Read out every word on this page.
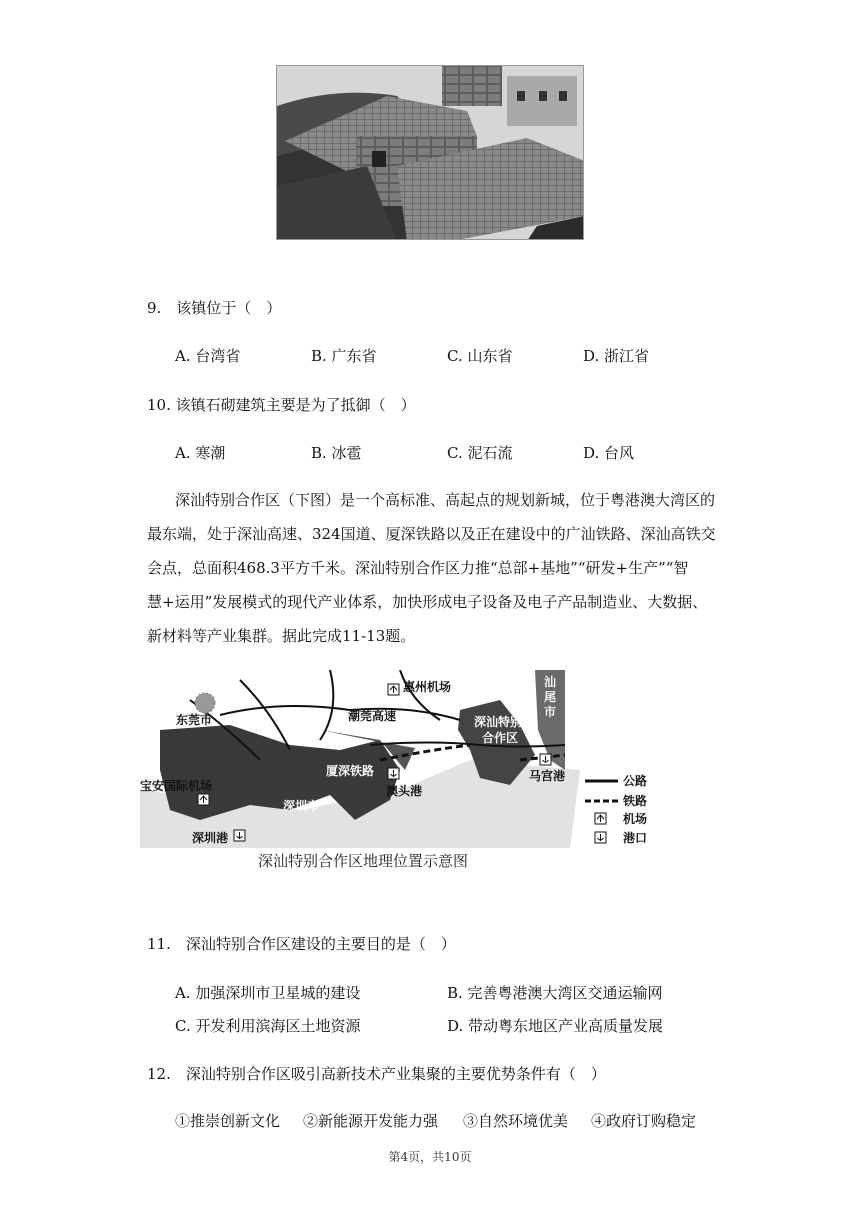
9.　该镇位于（　）
A. 台湾省	B. 广东省	C. 山东省	D. 浙江省
10. 该镇石砌建筑主要是为了抵御（　）
A. 寒潮	B. 冰雹	C. 泥石流	D. 台风
深汕特别合作区（下图）是一个高标准、高起点的规划新城，位于粤港澳大湾区的
最东端，处于深汕高速、324国道、厦深铁路以及正在建设中的广汕铁路、深汕高铁交
会点，总面积468.3平方千米。深汕特别合作区力推“总部+基地”“研发+生产”“智
慧+运用”发展模式的现代产业体系，加快形成电子设备及电子产品制造业、大数据、
新材料等产业集群。据此完成11-13题。
惠州机场
东莞市	潮莞高速	深汕特别
合作区
厦深铁路	马宫港
宝安国际机场	澳头港
深圳市
深圳港
汕 尾 市
公路
铁路
机场
港口
深汕特别合作区地理位置示意图
11.　深汕特别合作区建设的主要目的是（　）
A. 加强深圳市卫星城的建设	B. 完善粤港澳大湾区交通运输网
C. 开发利用滨海区土地资源	D. 带动粤东地区产业高质量发展
12.　深汕特别合作区吸引高新技术产业集聚的主要优势条件有（　）
①推崇创新文化 ②新能源开发能力强 ③自然环境优美 ④政府订购稳定
第4页，共10页
